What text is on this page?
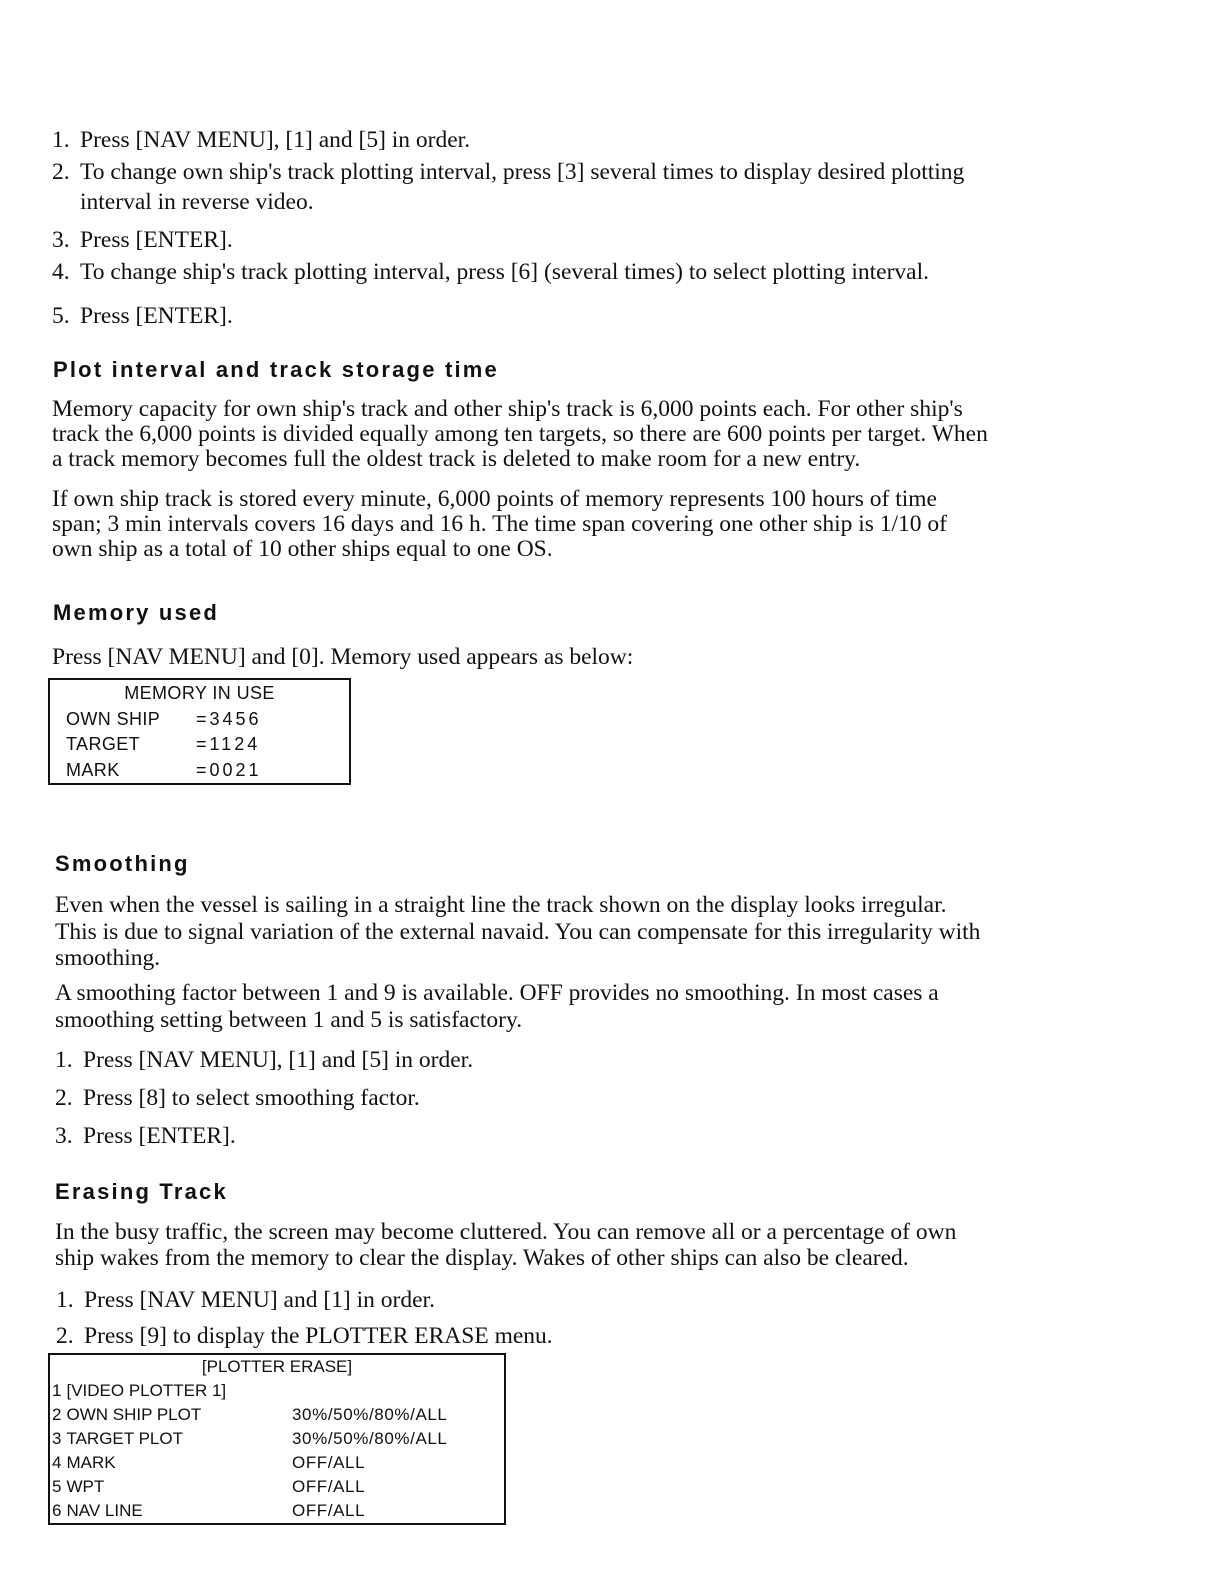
1. Press [NAV MENU], [1] and [5] in order.
2. To change own ship's track plotting interval, press [3] several times to display desired plotting
interval in reverse video.
3. Press [ENTER].
4. To change ship's track plotting interval, press [6] (several times) to select plotting interval.
5. Press [ENTER].
Plot interval and track storage time
Memory capacity for own ship's track and other ship's track is 6,000 points each. For other ship's
track the 6,000 points is divided equally among ten targets, so there are 600 points per target. When
a track memory becomes full the oldest track is deleted to make room for a new entry.
If own ship track is stored every minute, 6,000 points of memory represents 100 hours of time
span; 3 min intervals covers 16 days and 16 h. The time span covering one other ship is 1/10 of
own ship as a total of 10 other ships equal to one OS.
Memory used
Press [NAV MENU] and [0]. Memory used appears as below:
MEMORY IN USE
OWN SHIP	=3456
TARGET	=1124
MARK	=0021
Smoothing
Even when the vessel is sailing in a straight line the track shown on the display looks irregular.
This is due to signal variation of the external navaid. You can compensate for this irregularity with
smoothing.
A smoothing factor between 1 and 9 is available. OFF provides no smoothing. In most cases a
smoothing setting between 1 and 5 is satisfactory.
1. Press [NAV MENU], [1] and [5] in order.
2. Press [8] to select smoothing factor.
3. Press [ENTER].
Erasing Track
In the busy traffic, the screen may become cluttered. You can remove all or a percentage of own
ship wakes from the memory to clear the display. Wakes of other ships can also be cleared.
1. Press [NAV MENU] and [1] in order.
2. Press [9] to display the PLOTTER ERASE menu.
[PLOTTER ERASE]
1 [VIDEO PLOTTER 1]
2 OWN SHIP PLOT	30%/50%/80%/ALL
3 TARGET PLOT	30%/50%/80%/ALL
4 MARK	OFF/ALL
5 WPT	OFF/ALL
6 NAV LINE	OFF/ALL
